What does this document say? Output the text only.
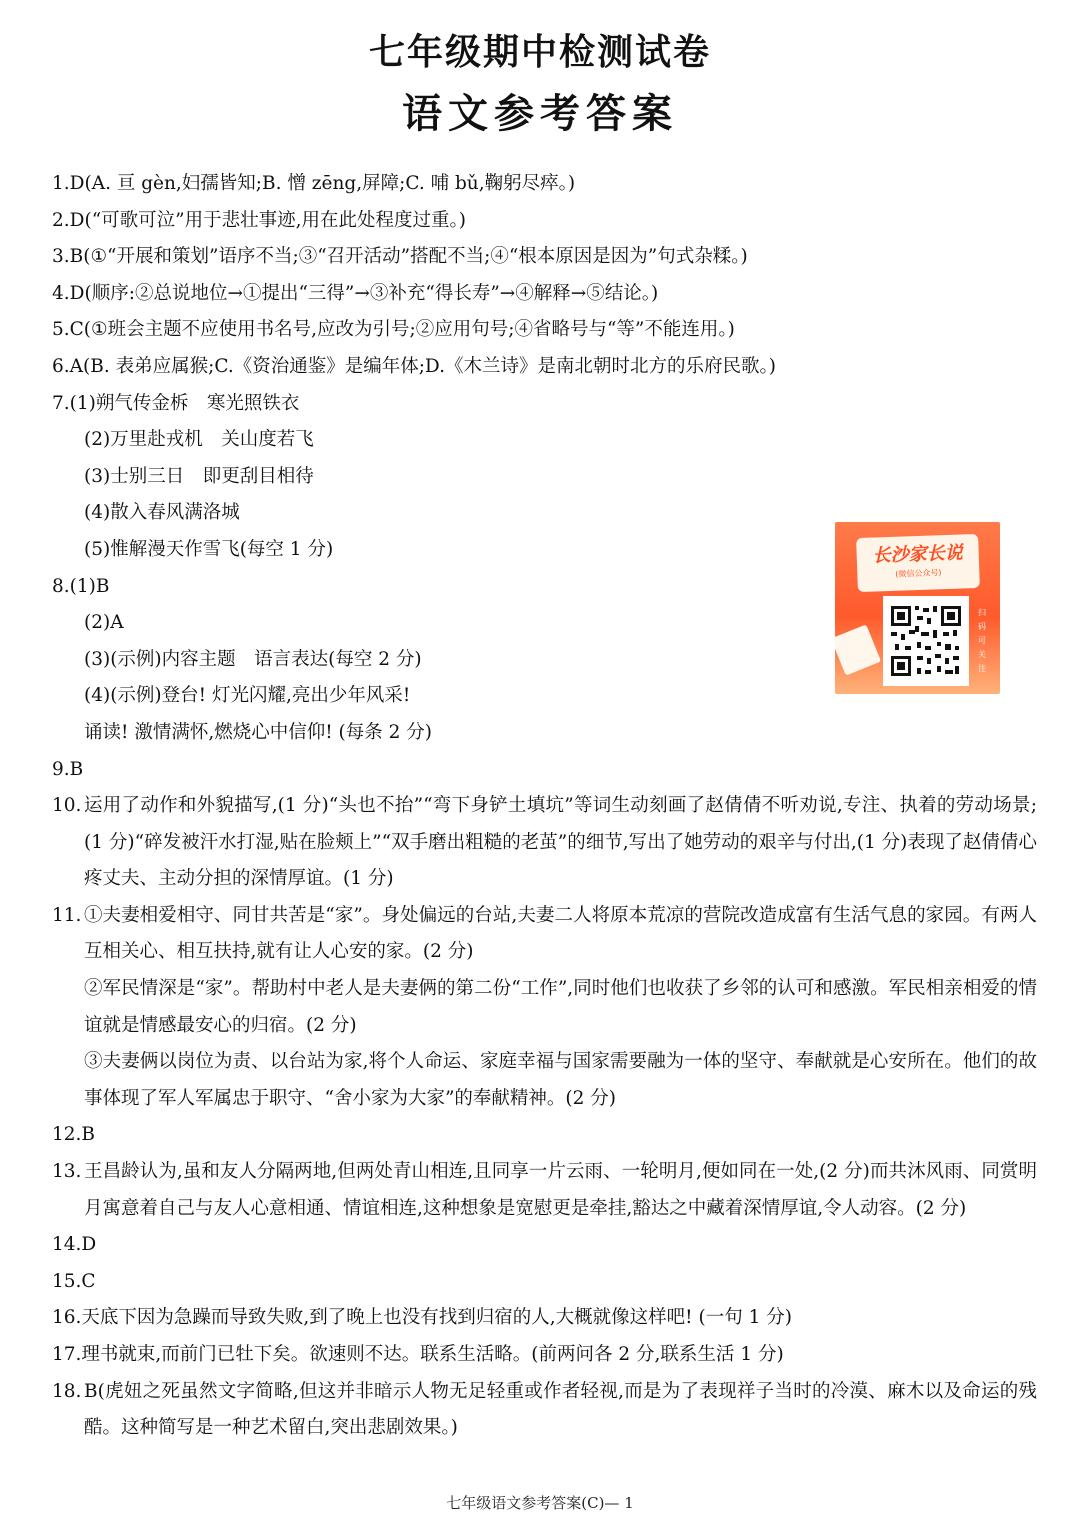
七年级期中检测试卷
语文参考答案
1.D(A. 亘 gèn,妇孺皆知;B. 憎 zēng,屏障;C. 哺 bǔ,鞠躬尽瘁。)
2.D(“可歌可泣”用于悲壮事迹,用在此处程度过重。)
3.B(①“开展和策划”语序不当;③“召开活动”搭配不当;④“根本原因是因为”句式杂糅。)
4.D(顺序:②总说地位→①提出“三得”→③补充“得长寿”→④解释→⑤结论。)
5.C(①班会主题不应使用书名号,应改为引号;②应用句号;④省略号与“等”不能连用。)
6.A(B. 表弟应属猴;C.《资治通鉴》是编年体;D.《木兰诗》是南北朝时北方的乐府民歌。)
7.(1)朔气传金柝　寒光照铁衣
(2)万里赴戎机　关山度若飞
(3)士别三日　即更刮目相待
(4)散入春风满洛城
(5)惟解漫天作雪飞(每空 1 分)
8.(1)B
(2)A
(3)(示例)内容主题　语言表达(每空 2 分)
(4)(示例)登台! 灯光闪耀,亮出少年风采!
诵读! 激情满怀,燃烧心中信仰! (每条 2 分)
9.B
10. 运用了动作和外貌描写,(1 分)“头也不抬”“弯下身铲土填坑”等词生动刻画了赵倩倩不听劝说,专注、执着的劳动场景;(1 分)“碎发被汗水打湿,贴在脸颊上”“双手磨出粗糙的老茧”的细节,写出了她劳动的艰辛与付出,(1 分)表现了赵倩倩心疼丈夫、主动分担的深情厚谊。(1 分)
11. ①夫妻相爱相守、同甘共苦是“家”。身处偏远的台站,夫妻二人将原本荒凉的营院改造成富有生活气息的家园。有两人互相关心、相互扶持,就有让人心安的家。(2 分)
②军民情深是“家”。帮助村中老人是夫妻俩的第二份“工作”,同时他们也收获了乡邻的认可和感激。军民相亲相爱的情谊就是情感最安心的归宿。(2 分)
③夫妻俩以岗位为责、以台站为家,将个人命运、家庭幸福与国家需要融为一体的坚守、奉献就是心安所在。他们的故事体现了军人军属忠于职守、“舍小家为大家”的奉献精神。(2 分)
12.B
13. 王昌龄认为,虽和友人分隔两地,但两处青山相连,且同享一片云雨、一轮明月,便如同在一处,(2 分)而共沐风雨、同赏明月寓意着自己与友人心意相通、情谊相连,这种想象是宽慰更是牵挂,豁达之中藏着深情厚谊,令人动容。(2 分)
14.D
15.C
16.天底下因为急躁而导致失败,到了晚上也没有找到归宿的人,大概就像这样吧! (一句 1 分)
17.理书就束,而前门已牡下矣。欲速则不达。联系生活略。(前两问各 2 分,联系生活 1 分)
18. B(虎妞之死虽然文字简略,但这并非暗示人物无足轻重或作者轻视,而是为了表现祥子当时的冷漠、麻木以及命运的残酷。这种简写是一种艺术留白,突出悲剧效果。)
长沙家长说
(微信公众号)
扫码可关注
七年级语文参考答案(C)— 1
